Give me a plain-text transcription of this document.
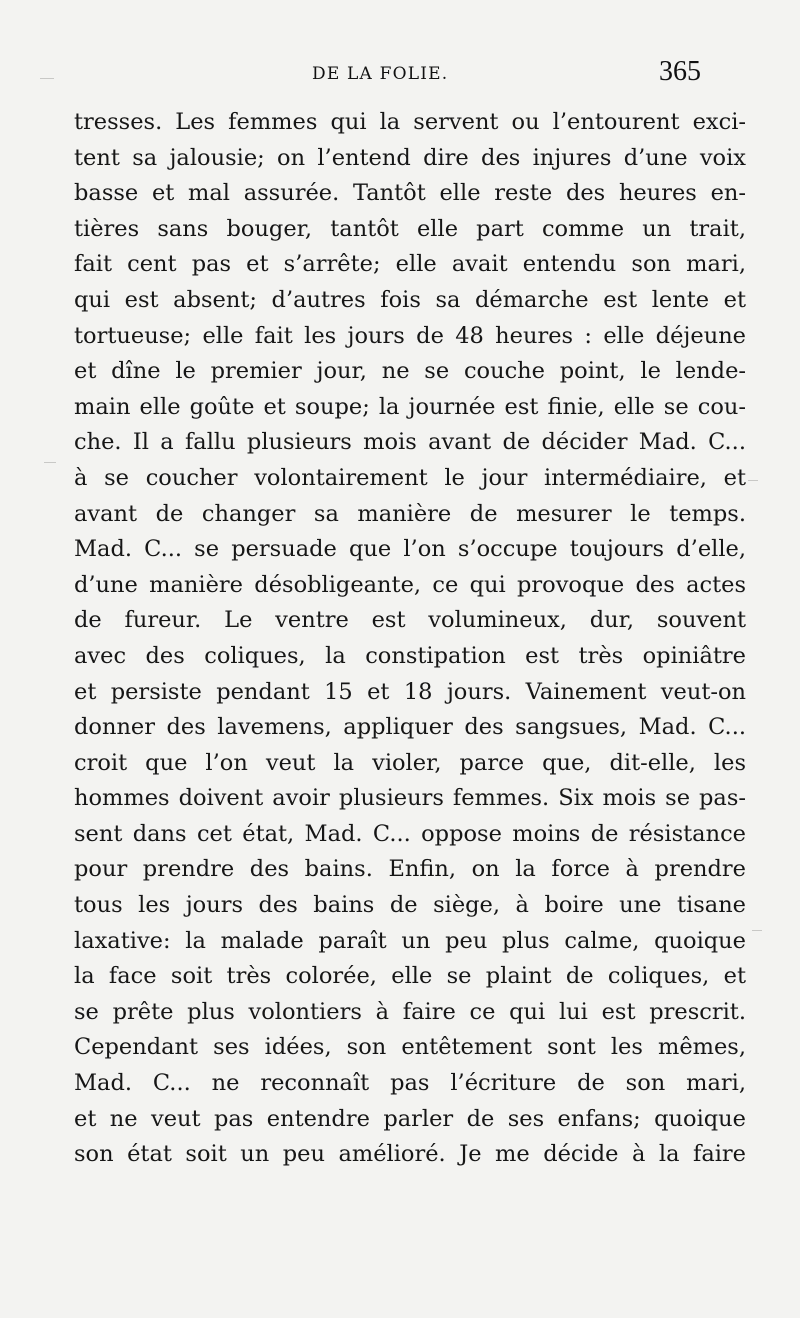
DE LA FOLIE.	365
tresses. Les femmes qui la servent ou l’entourent exci-
tent sa jalousie; on l’entend dire des injures d’une voix
basse et mal assurée. Tantôt elle reste des heures en-
tières sans bouger, tantôt elle part comme un trait,
fait cent pas et s’arrête; elle avait entendu son mari,
qui est absent; d’autres fois sa démarche est lente et
tortueuse; elle fait les jours de 48 heures : elle déjeune
et dîne le premier jour, ne se couche point, le lende-
main elle goûte et soupe; la journée est finie, elle se cou-
che. Il a fallu plusieurs mois avant de décider Mad. C...
à se coucher volontairement le jour intermédiaire, et
avant de changer sa manière de mesurer le temps.
Mad. C... se persuade que l’on s’occupe toujours d’elle,
d’une manière désobligeante, ce qui provoque des actes
de fureur. Le ventre est volumineux, dur, souvent
avec des coliques, la constipation est très opiniâtre
et persiste pendant 15 et 18 jours. Vainement veut-on
donner des lavemens, appliquer des sangsues, Mad. C...
croit que l’on veut la violer, parce que, dit-elle, les
hommes doivent avoir plusieurs femmes. Six mois se pas-
sent dans cet état, Mad. C... oppose moins de résistance
pour prendre des bains. Enfin, on la force à prendre
tous les jours des bains de siège, à boire une tisane
laxative: la malade paraît un peu plus calme, quoique
la face soit très colorée, elle se plaint de coliques, et
se prête plus volontiers à faire ce qui lui est prescrit.
Cependant ses idées, son entêtement sont les mêmes,
Mad. C... ne reconnaît pas l’écriture de son mari,
et ne veut pas entendre parler de ses enfans; quoique
son état soit un peu amélioré. Je me décide à la faire
